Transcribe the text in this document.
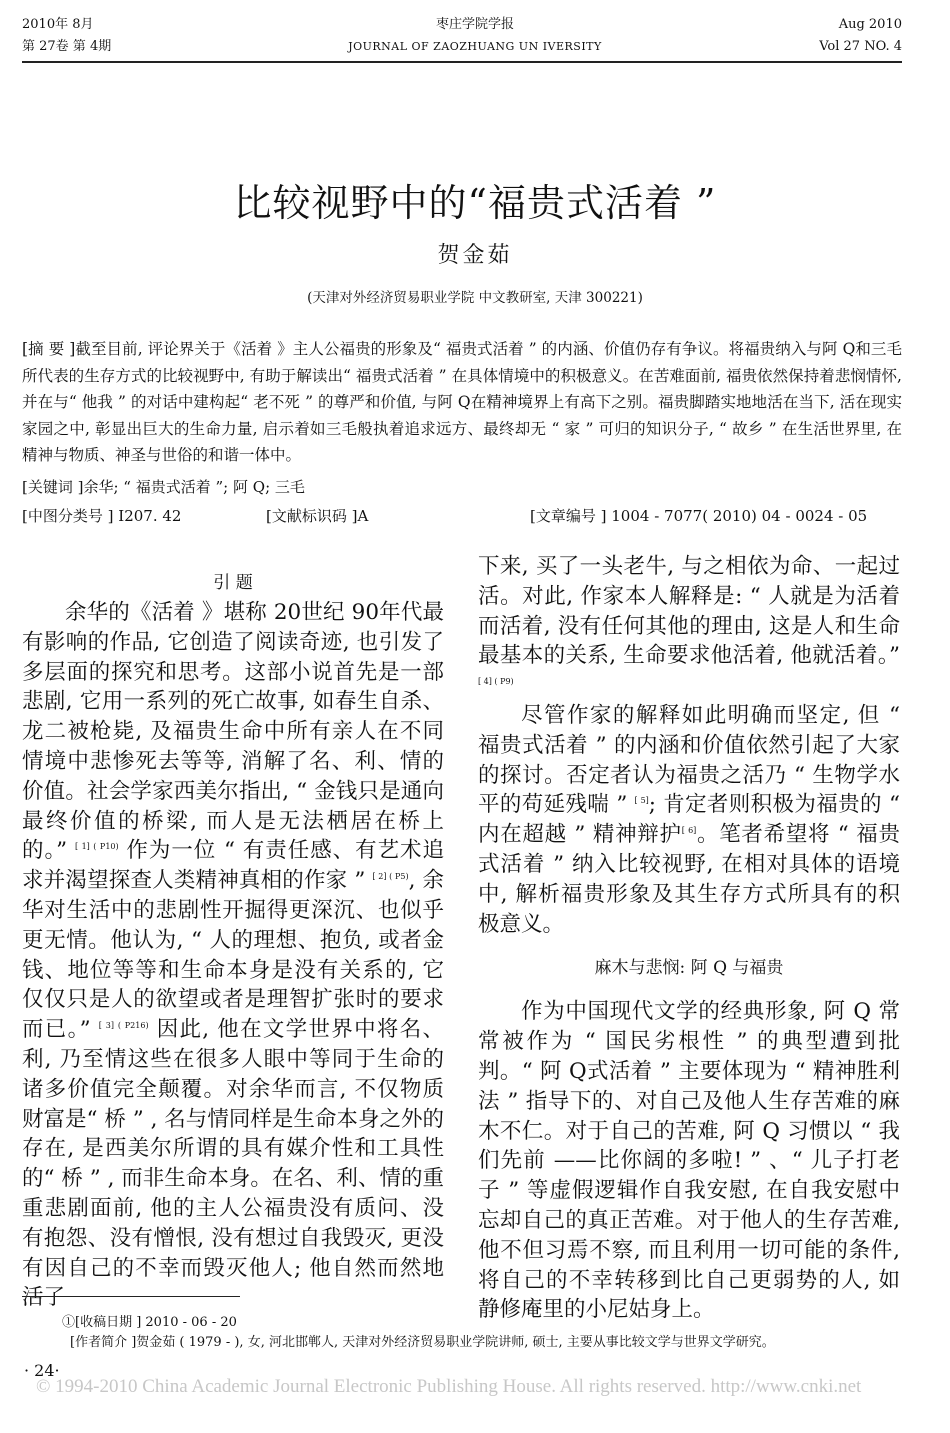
2010年 8月
第 27卷 第 4期
枣庄学院学报
JOURNAL OF ZAOZHUANG UN IVERSITY
Aug 2010
Vol 27 NO. 4
比较视野中的“福贵式活着 ”
贺金茹
(天津对外经济贸易职业学院 中文教研室, 天津 300221)
[摘 要 ]截至目前, 评论界关于《活着 》主人公福贵的形象及“ 福贵式活着 ” 的内涵、价值仍存有争议。将福贵纳入与阿 Q和三毛所代表的生存方式的比较视野中, 有助于解读出“ 福贵式活着 ” 在具体情境中的积极意义。在苦难面前, 福贵依然保持着悲悯情怀, 并在与“ 他我 ” 的对话中建构起“ 老不死 ” 的尊严和价值, 与阿 Q在精神境界上有高下之别。福贵脚踏实地地活在当下, 活在现实家园之中, 彰显出巨大的生命力量, 启示着如三毛般执着追求远方、最终却无 “ 家 ” 可归的知识分子, “ 故乡 ” 在生活世界里, 在精神与物质、神圣与世俗的和谐一体中。
[关键词 ]余华; “ 福贵式活着 ”; 阿 Q; 三毛
[中图分类号 ] I207. 42	[文献标识码 ]A	[文章编号 ] 1004 - 7077( 2010) 04 - 0024 - 05
引 题

余华的《活着 》堪称 20世纪 90年代最有影响的作品, 它创造了阅读奇迹, 也引发了多层面的探究和思考。这部小说首先是一部悲剧, 它用一系列的死亡故事, 如春生自杀、龙二被枪毙, 及福贵生命中所有亲人在不同情境中悲惨死去等等, 消解了名、利、情的价值。社会学家西美尔指出, “ 金钱只是通向最终价值的桥梁, 而人是无法栖居在桥上的。” $^{[ 1] ( P10)}$ 作为一位 “ 有责任感、有艺术追求并渴望探查人类精神真相的作家 ” $^{[ 2] ( P5)}$, 余华对生活中的悲剧性开掘得更深沉、也似乎更无情。他认为, “ 人的理想、抱负, 或者金钱、地位等等和生命本身是没有关系的, 它仅仅只是人的欲望或者是理智扩张时的要求而已。” $^{[ 3] ( P216)}$ 因此, 他在文学世界中将名、利, 乃至情这些在很多人眼中等同于生命的诸多价值完全颠覆。对余华而言, 不仅物质财富是“ 桥 ” , 名与情同样是生命本身之外的存在, 是西美尔所谓的具有媒介性和工具性的“ 桥 ” , 而非生命本身。在名、利、情的重重悲剧面前, 他的主人公福贵没有质问、没有抱怨、没有憎恨, 没有想过自我毁灭, 更没有因自己的不幸而毁灭他人; 他自然而然地活了

下来, 买了一头老牛, 与之相依为命、一起过活。对此, 作家本人解释是: “ 人就是为活着而活着, 没有任何其他的理由, 这是人和生命最基本的关系, 生命要求他活着, 他就活着。” $^{[ 4] ( P9)}$

尽管作家的解释如此明确而坚定, 但 “ 福贵式活着 ” 的内涵和价值依然引起了大家的探讨。否定者认为福贵之活乃 “ 生物学水平的苟延残喘 ” [ 5]; 肯定者则积极为福贵的 “ 内在超越 ” 精神辩护[ 6]。笔者希望将 “ 福贵式活着 ” 纳入比较视野, 在相对具体的语境中, 解析福贵形象及其生存方式所具有的积极意义。

麻木与悲悯: 阿 Q 与福贵

作为中国现代文学的经典形象, 阿 Q 常常被作为 “ 国民劣根性 ” 的典型遭到批判。“ 阿 Q式活着 ” 主要体现为 “ 精神胜利法 ” 指导下的、对自己及他人生存苦难的麻木不仁。对于自己的苦难, 阿 Q 习惯以 “ 我们先前 ——比你阔的多啦! ” 、“ 儿子打老子 ” 等虚假逻辑作自我安慰, 在自我安慰中忘却自己的真正苦难。对于他人的生存苦难, 他不但习焉不察, 而且利用一切可能的条件, 将自己的不幸转移到比自己更弱势的人, 如静修庵里的小尼姑身上。

①[收稿日期 ] 2010 - 06 - 20
[作者简介 ]贺金茹 ( 1979 - ), 女, 河北邯郸人, 天津对外经济贸易职业学院讲师, 硕士, 主要从事比较文学与世界文学研究。
· 24·
© 1994-2010 China Academic Journal Electronic Publishing House. All rights reserved. http://www.cnki.net
